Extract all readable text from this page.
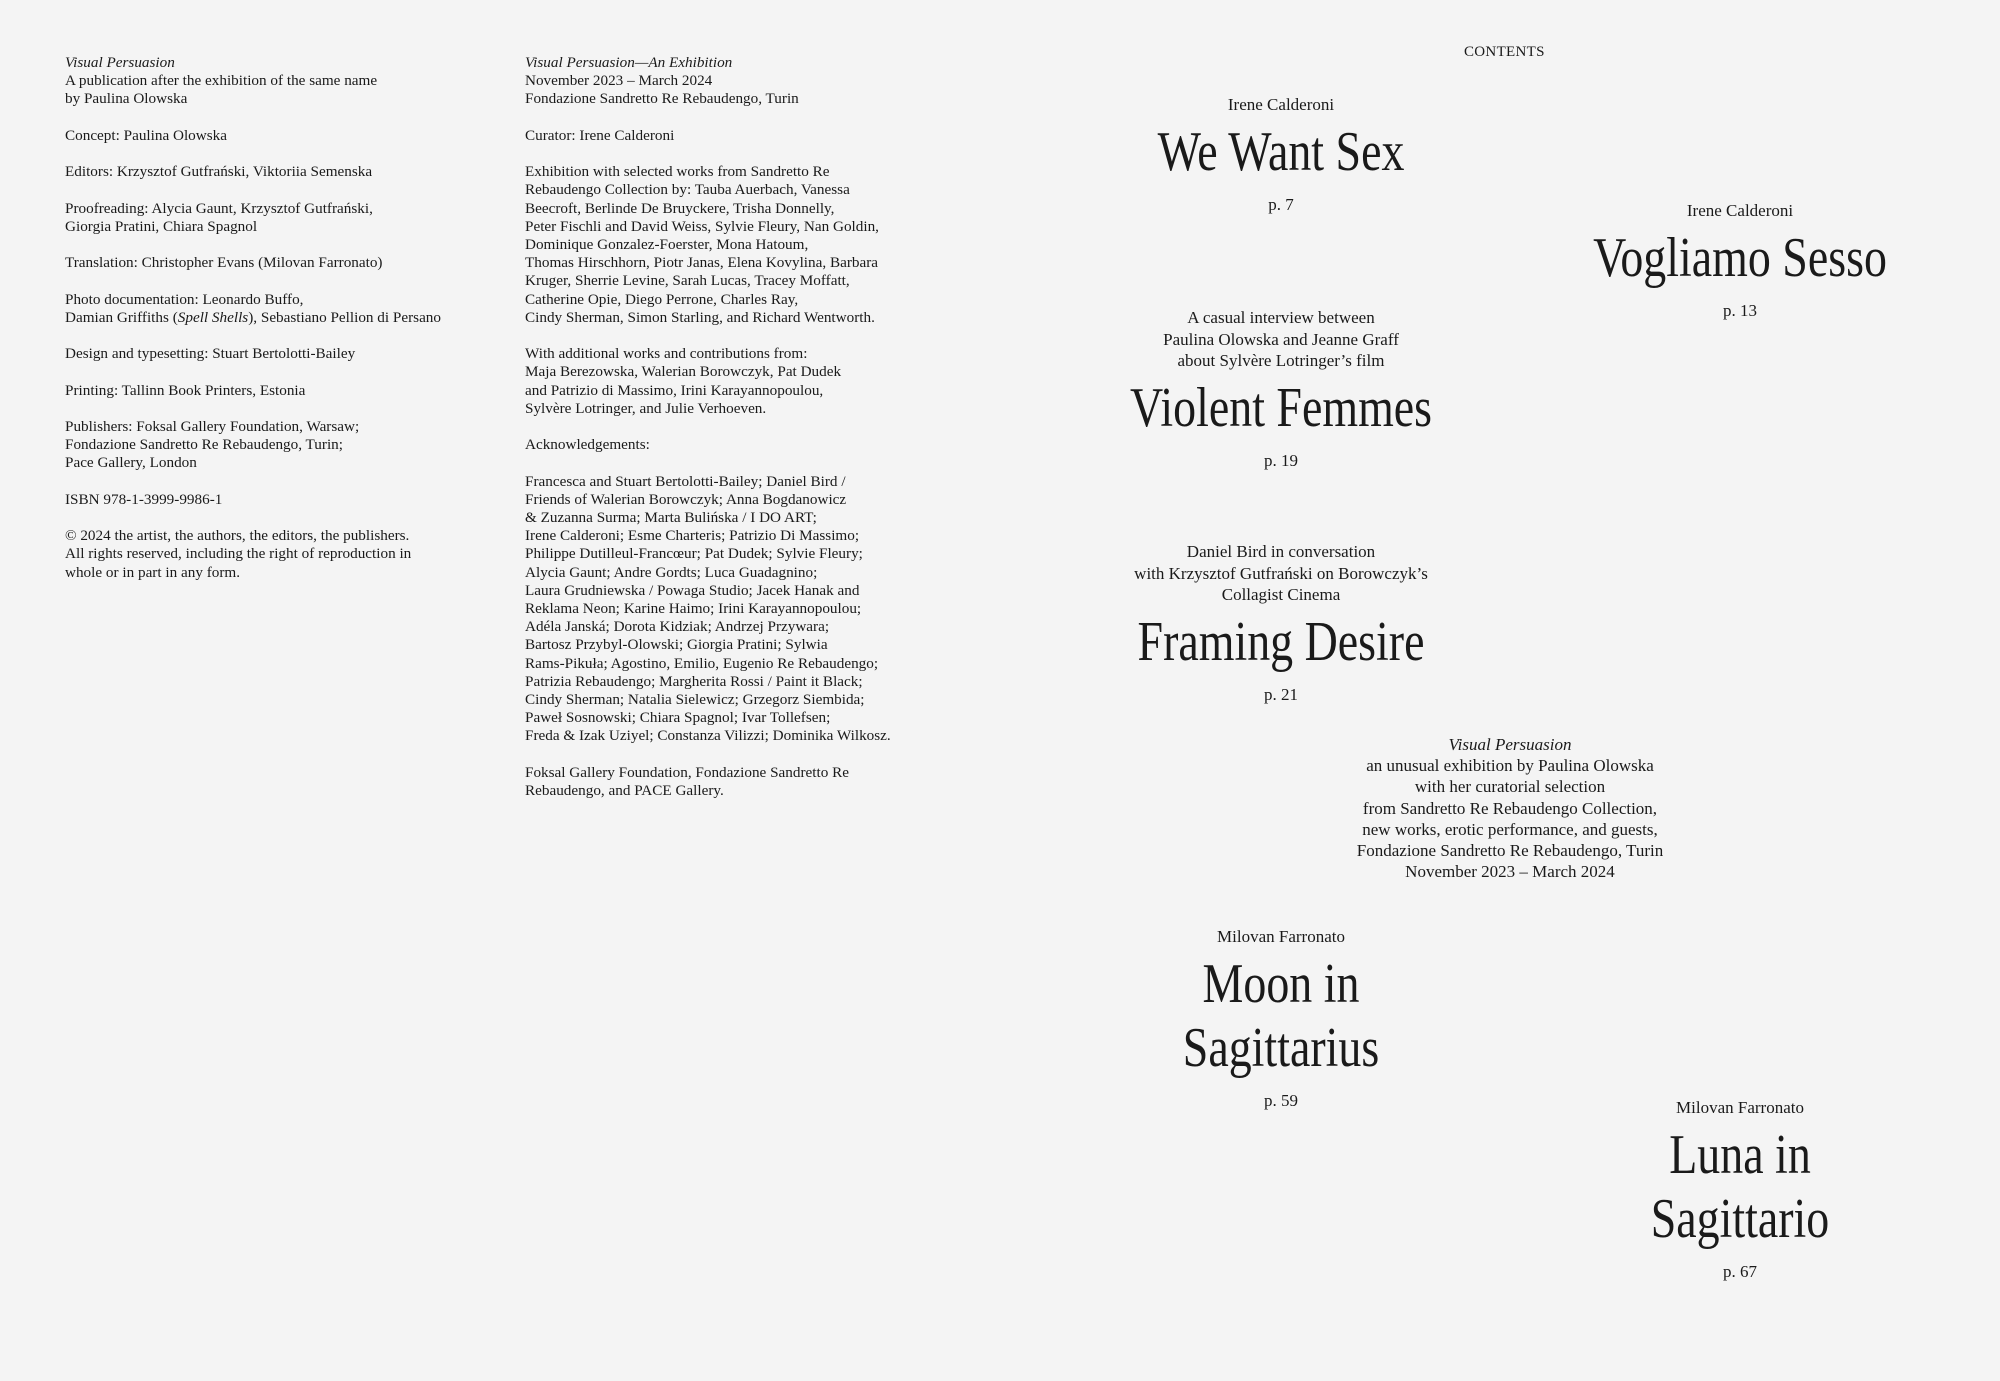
Visual Persuasion
A publication after the exhibition of the same name
by Paulina Olowska
Concept: Paulina Olowska
Editors: Krzysztof Gutfrański, Viktoriia Semenska
Proofreading: Alycia Gaunt, Krzysztof Gutfrański,
Giorgia Pratini, Chiara Spagnol
Translation: Christopher Evans (Milovan Farronato)
Photo documentation: Leonardo Buffo,
Damian Griffiths (Spell Shells), Sebastiano Pellion di Persano
Design and typesetting: Stuart Bertolotti-Bailey
Printing: Tallinn Book Printers, Estonia
Publishers: Foksal Gallery Foundation, Warsaw;
Fondazione Sandretto Re Rebaudengo, Turin;
Pace Gallery, London
ISBN 978-1-3999-9986-1
© 2024 the artist, the authors, the editors, the publishers.
All rights reserved, including the right of reproduction in
whole or in part in any form.
Visual Persuasion—An Exhibition
November 2023 – March 2024
Fondazione Sandretto Re Rebaudengo, Turin
Curator: Irene Calderoni
Exhibition with selected works from Sandretto Re
Rebaudengo Collection by: Tauba Auerbach, Vanessa
Beecroft, Berlinde De Bruyckere, Trisha Donnelly,
Peter Fischli and David Weiss, Sylvie Fleury, Nan Goldin,
Dominique Gonzalez-Foerster, Mona Hatoum,
Thomas Hirschhorn, Piotr Janas, Elena Kovylina, Barbara
Kruger, Sherrie Levine, Sarah Lucas, Tracey Moffatt,
Catherine Opie, Diego Perrone, Charles Ray,
Cindy Sherman, Simon Starling, and Richard Wentworth.
With additional works and contributions from:
Maja Berezowska, Walerian Borowczyk, Pat Dudek
and Patrizio di Massimo, Irini Karayannopoulou,
Sylvère Lotringer, and Julie Verhoeven.
Acknowledgements:
Francesca and Stuart Bertolotti-Bailey; Daniel Bird /
Friends of Walerian Borowczyk; Anna Bogdanowicz
& Zuzanna Surma; Marta Bulińska / I DO ART;
Irene Calderoni; Esme Charteris; Patrizio Di Massimo;
Philippe Dutilleul-Francœur; Pat Dudek; Sylvie Fleury;
Alycia Gaunt; Andre Gordts; Luca Guadagnino;
Laura Grudniewska / Powaga Studio; Jacek Hanak and
Reklama Neon; Karine Haimo; Irini Karayannopoulou;
Adéla Janská; Dorota Kidziak; Andrzej Przywara;
Bartosz Przybyl-Olowski; Giorgia Pratini; Sylwia
Rams-Pikuła; Agostino, Emilio, Eugenio Re Rebaudengo;
Patrizia Rebaudengo; Margherita Rossi / Paint it Black;
Cindy Sherman; Natalia Sielewicz; Grzegorz Siembida;
Paweł Sosnowski; Chiara Spagnol; Ivar Tollefsen;
Freda & Izak Uziyel; Constanza Vilizzi; Dominika Wilkosz.
Foksal Gallery Foundation, Fondazione Sandretto Re
Rebaudengo, and PACE Gallery.
CONTENTS
Irene Calderoni
We Want Sex
p. 7	Irene Calderoni
Vogliamo Sesso
p. 13
A casual interview between
Paulina Olowska and Jeanne Graff
about Sylvère Lotringer’s film
Violent Femmes
p. 19
Daniel Bird in conversation
with Krzysztof Gutfrański on Borowczyk’s
Collagist Cinema
Framing Desire
p. 21
Visual Persuasion
an unusual exhibition by Paulina Olowska
with her curatorial selection
from Sandretto Re Rebaudengo Collection,
new works, erotic performance, and guests,
Fondazione Sandretto Re Rebaudengo, Turin
November 2023 – March 2024
Milovan Farronato
Moon in
Sagittarius
p. 59	Milovan Farronato
Luna in
Sagittario
p. 67
